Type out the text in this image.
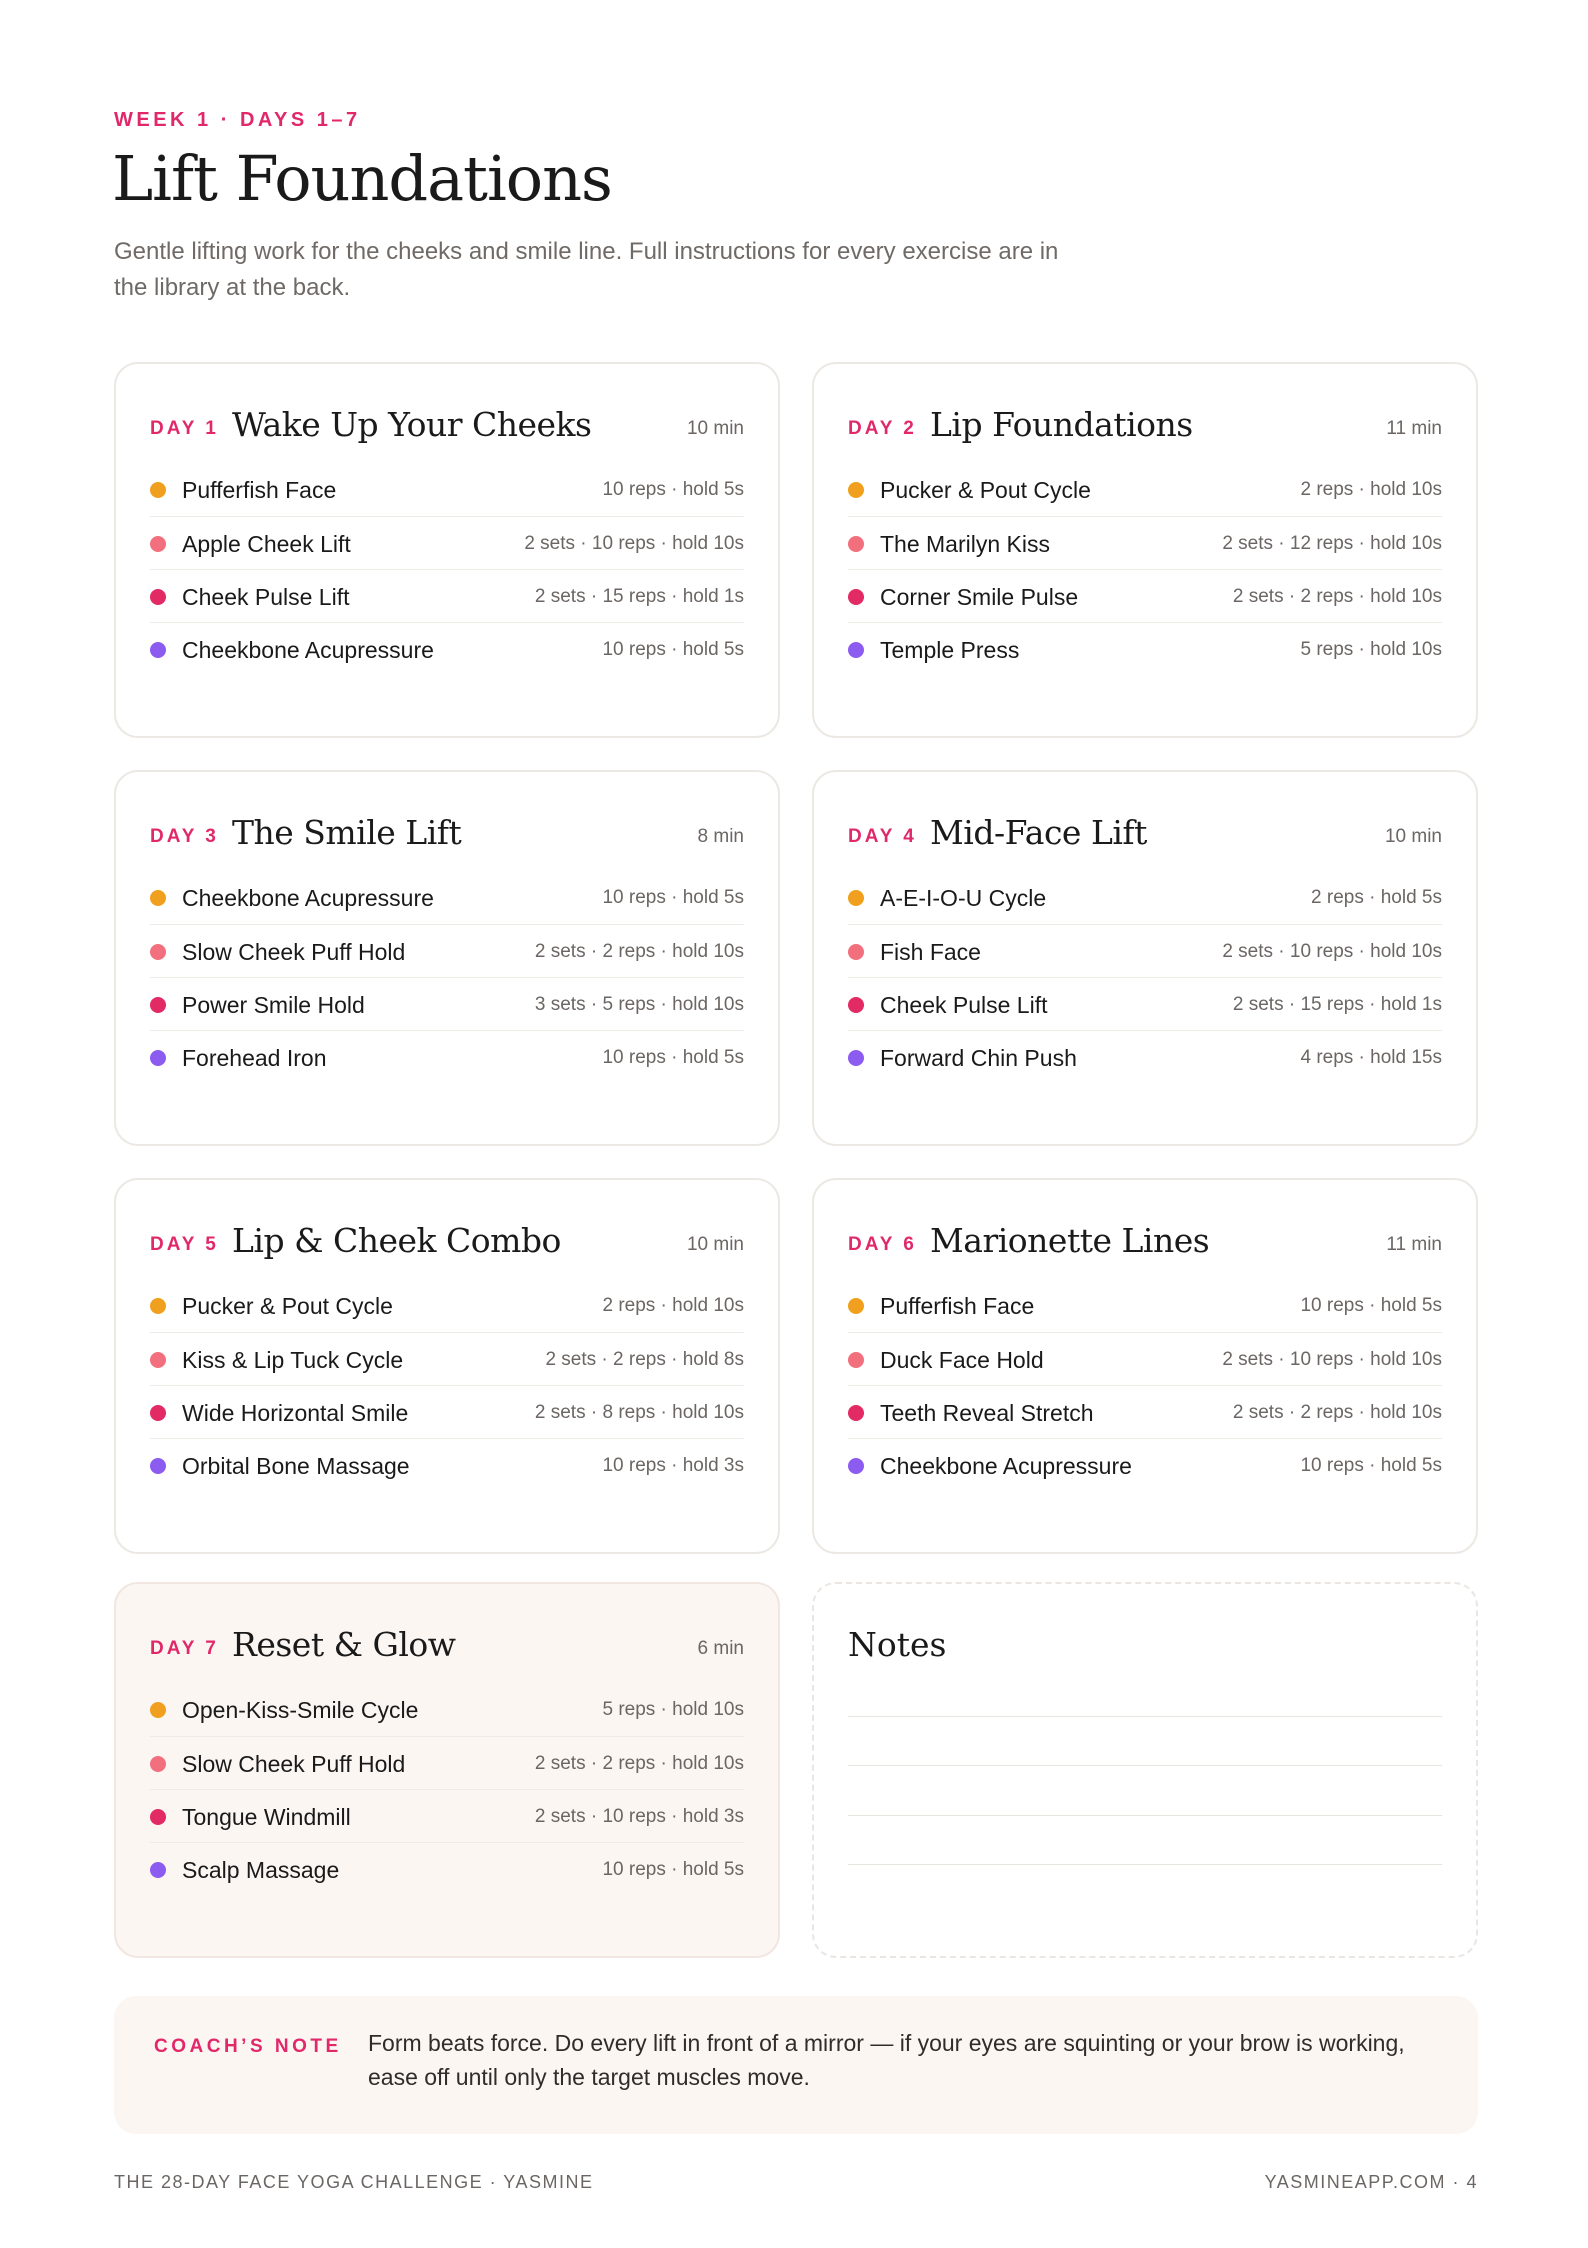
WEEK 1 · DAYS 1–7
Lift Foundations

Gentle lifting work for the cheeks and smile line. Full instructions for every exercise are in the library at the back.

DAY 1 Wake Up Your Cheeks	10 min
Pufferfish Face	10 reps · hold 5s
Apple Cheek Lift	2 sets · 10 reps · hold 10s
Cheek Pulse Lift	2 sets · 15 reps · hold 1s
Cheekbone Acupressure	10 reps · hold 5s
DAY 2 Lip Foundations	11 min
Pucker & Pout Cycle	2 reps · hold 10s
The Marilyn Kiss	2 sets · 12 reps · hold 10s
Corner Smile Pulse	2 sets · 2 reps · hold 10s
Temple Press	5 reps · hold 10s
DAY 3 The Smile Lift	8 min
Cheekbone Acupressure	10 reps · hold 5s
Slow Cheek Puff Hold	2 sets · 2 reps · hold 10s
Power Smile Hold	3 sets · 5 reps · hold 10s
Forehead Iron	10 reps · hold 5s
DAY 4 Mid-Face Lift	10 min
A-E-I-O-U Cycle	2 reps · hold 5s
Fish Face	2 sets · 10 reps · hold 10s
Cheek Pulse Lift	2 sets · 15 reps · hold 1s
Forward Chin Push	4 reps · hold 15s
DAY 5 Lip & Cheek Combo	10 min
Pucker & Pout Cycle	2 reps · hold 10s
Kiss & Lip Tuck Cycle	2 sets · 2 reps · hold 8s
Wide Horizontal Smile	2 sets · 8 reps · hold 10s
Orbital Bone Massage	10 reps · hold 3s
DAY 6 Marionette Lines	11 min
Pufferfish Face	10 reps · hold 5s
Duck Face Hold	2 sets · 10 reps · hold 10s
Teeth Reveal Stretch	2 sets · 2 reps · hold 10s
Cheekbone Acupressure	10 reps · hold 5s
DAY 7 Reset & Glow	6 min
Open-Kiss-Smile Cycle	5 reps · hold 10s
Slow Cheek Puff Hold	2 sets · 2 reps · hold 10s
Tongue Windmill	2 sets · 10 reps · hold 3s
Scalp Massage	10 reps · hold 5s
Notes
COACH’S NOTE Form beats force. Do every lift in front of a mirror — if your eyes are squinting or your brow is working, ease off until only the target muscles move.

THE 28-DAY FACE YOGA CHALLENGE · YASMINE	YASMINEAPP.COM · 4
